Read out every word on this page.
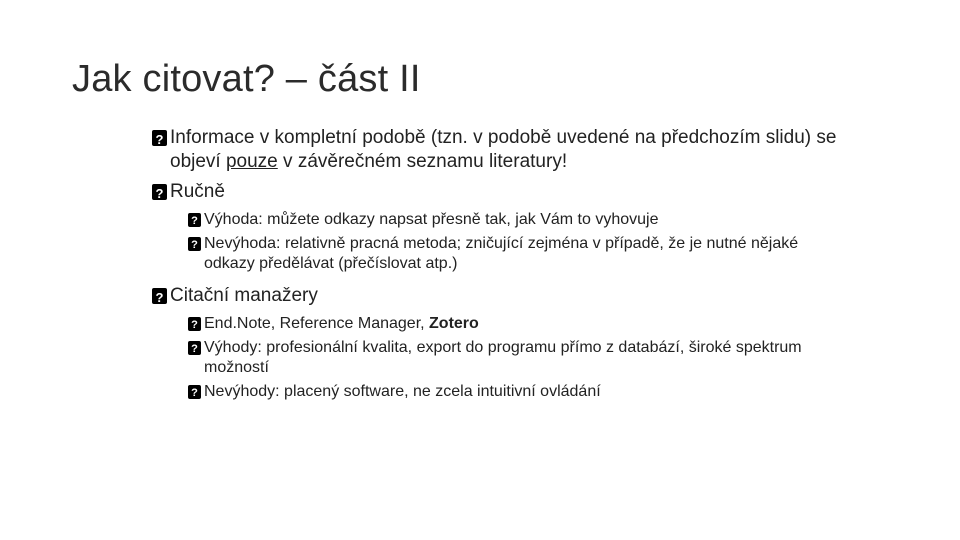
Jak citovat? – část II
?
Informace v kompletní podobě (tzn. v podobě uvedené na předchozím slidu) se objeví pouze v závěrečném seznamu literatury!
?
Ručně
?
Výhoda: můžete odkazy napsat přesně tak, jak Vám to vyhovuje
?
Nevýhoda: relativně pracná metoda; zničující zejména v případě, že je nutné nějaké odkazy předělávat (přečíslovat atp.)
?
Citační manažery
?
End.Note, Reference Manager, Zotero
?
Výhody: profesionální kvalita, export do programu přímo z databází, široké spektrum možností
?
Nevýhody: placený software, ne zcela intuitivní ovládání
